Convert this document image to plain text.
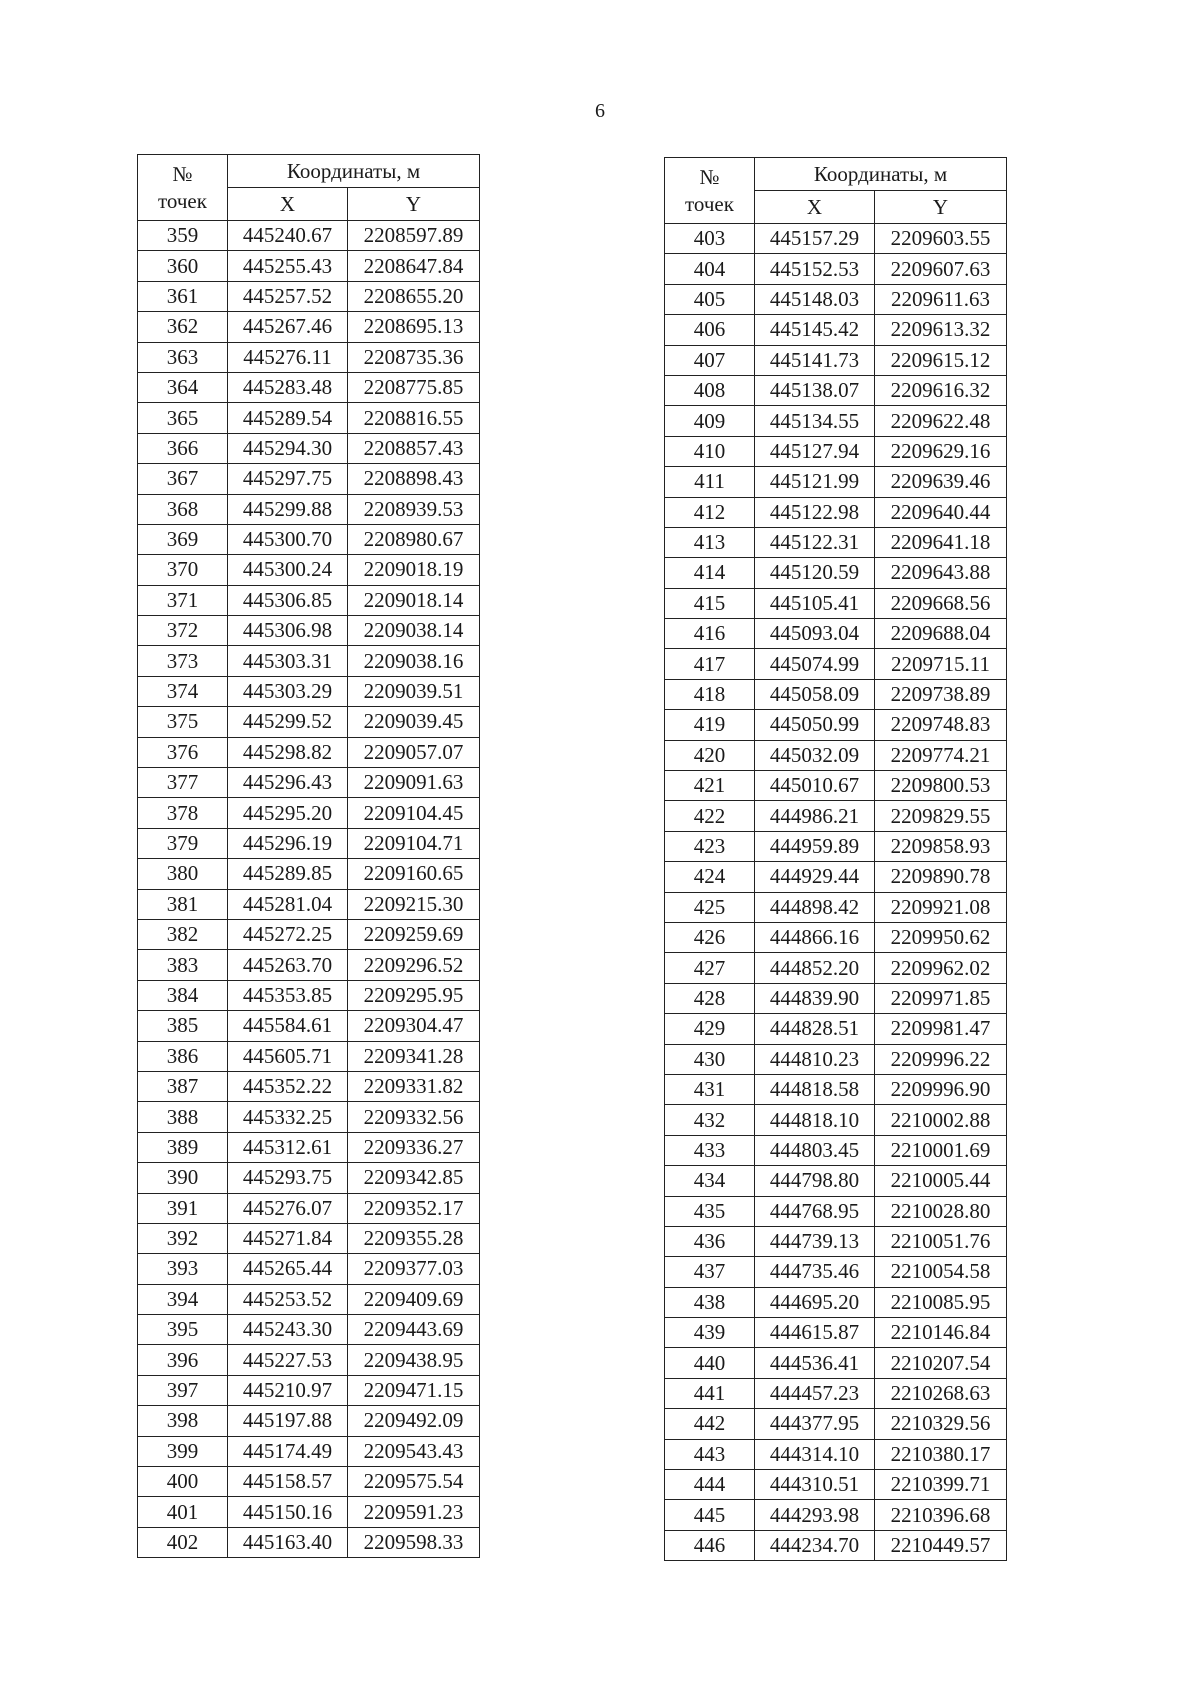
6
№
точек	Координаты, м	
	X	Y
359	445240.67	2208597.89
360	445255.43	2208647.84
361	445257.52	2208655.20
362	445267.46	2208695.13
363	445276.11	2208735.36
364	445283.48	2208775.85
365	445289.54	2208816.55
366	445294.30	2208857.43
367	445297.75	2208898.43
368	445299.88	2208939.53
369	445300.70	2208980.67
370	445300.24	2209018.19
371	445306.85	2209018.14
372	445306.98	2209038.14
373	445303.31	2209038.16
374	445303.29	2209039.51
375	445299.52	2209039.45
376	445298.82	2209057.07
377	445296.43	2209091.63
378	445295.20	2209104.45
379	445296.19	2209104.71
380	445289.85	2209160.65
381	445281.04	2209215.30
382	445272.25	2209259.69
383	445263.70	2209296.52
384	445353.85	2209295.95
385	445584.61	2209304.47
386	445605.71	2209341.28
387	445352.22	2209331.82
388	445332.25	2209332.56
389	445312.61	2209336.27
390	445293.75	2209342.85
391	445276.07	2209352.17
392	445271.84	2209355.28
393	445265.44	2209377.03
394	445253.52	2209409.69
395	445243.30	2209443.69
396	445227.53	2209438.95
397	445210.97	2209471.15
398	445197.88	2209492.09
399	445174.49	2209543.43
400	445158.57	2209575.54
401	445150.16	2209591.23
402	445163.40	2209598.33
№
точек	Координаты, м	
	X	Y
403	445157.29	2209603.55
404	445152.53	2209607.63
405	445148.03	2209611.63
406	445145.42	2209613.32
407	445141.73	2209615.12
408	445138.07	2209616.32
409	445134.55	2209622.48
410	445127.94	2209629.16
411	445121.99	2209639.46
412	445122.98	2209640.44
413	445122.31	2209641.18
414	445120.59	2209643.88
415	445105.41	2209668.56
416	445093.04	2209688.04
417	445074.99	2209715.11
418	445058.09	2209738.89
419	445050.99	2209748.83
420	445032.09	2209774.21
421	445010.67	2209800.53
422	444986.21	2209829.55
423	444959.89	2209858.93
424	444929.44	2209890.78
425	444898.42	2209921.08
426	444866.16	2209950.62
427	444852.20	2209962.02
428	444839.90	2209971.85
429	444828.51	2209981.47
430	444810.23	2209996.22
431	444818.58	2209996.90
432	444818.10	2210002.88
433	444803.45	2210001.69
434	444798.80	2210005.44
435	444768.95	2210028.80
436	444739.13	2210051.76
437	444735.46	2210054.58
438	444695.20	2210085.95
439	444615.87	2210146.84
440	444536.41	2210207.54
441	444457.23	2210268.63
442	444377.95	2210329.56
443	444314.10	2210380.17
444	444310.51	2210399.71
445	444293.98	2210396.68
446	444234.70	2210449.57
